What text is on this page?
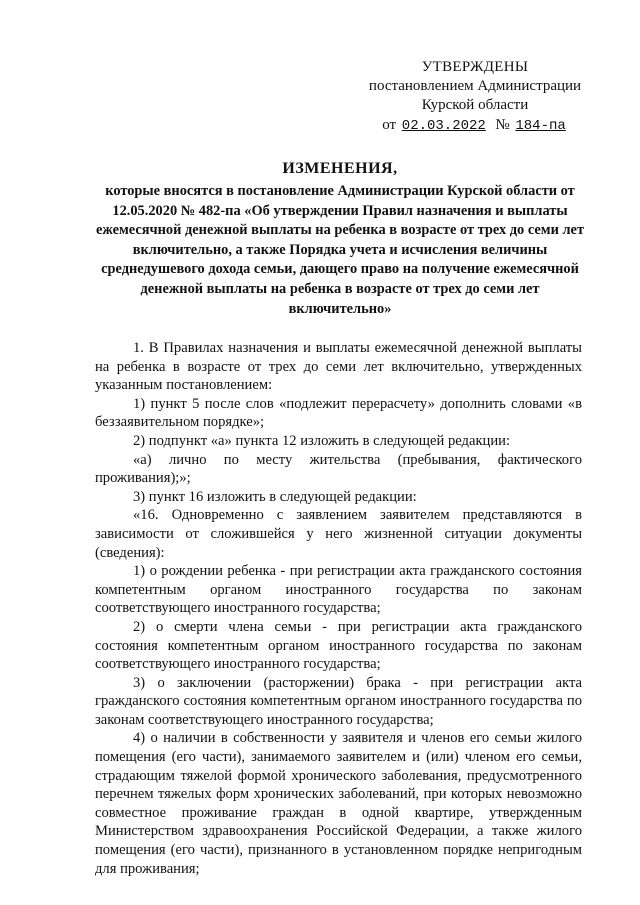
УТВЕРЖДЕНЫ
постановлением Администрации
Курской области
от 02.03.2022 № 184-па
ИЗМЕНЕНИЯ,
которые вносятся в постановление Администрации Курской области от 12.05.2020 № 482-па «Об утверждении Правил назначения и выплаты ежемесячной денежной выплаты на ребенка в возрасте от трех до семи лет включительно, а также Порядка учета и исчисления величины среднедушевого дохода семьи, дающего право на получение ежемесячной денежной выплаты на ребенка в возрасте от трех до семи лет включительно»

1. В Правилах назначения и выплаты ежемесячной денежной выплаты на ребенка в возрасте от трех до семи лет включительно, утвержденных указанным постановлением:

1) пункт 5 после слов «подлежит перерасчету» дополнить словами «в беззаявительном порядке»;

2) подпункт «а» пункта 12 изложить в следующей редакции:

«а) лично по месту жительства (пребывания, фактического проживания);»;

3) пункт 16 изложить в следующей редакции:

«16. Одновременно с заявлением заявителем представляются в зависимости от сложившейся у него жизненной ситуации документы (сведения):

1) о рождении ребенка - при регистрации акта гражданского состояния компетентным органом иностранного государства по законам соответствующего иностранного государства;

2) о смерти члена семьи - при регистрации акта гражданского состояния компетентным органом иностранного государства по законам соответствующего иностранного государства;

3) о заключении (расторжении) брака - при регистрации акта гражданского состояния компетентным органом иностранного государства по законам соответствующего иностранного государства;

4) о наличии в собственности у заявителя и членов его семьи жилого помещения (его части), занимаемого заявителем и (или) членом его семьи, страдающим тяжелой формой хронического заболевания, предусмотренного перечнем тяжелых форм хронических заболеваний, при которых невозможно совместное проживание граждан в одной квартире, утвержденным Министерством здравоохранения Российской Федерации, а также жилого помещения (его части), признанного в установленном порядке непригодным для проживания;
